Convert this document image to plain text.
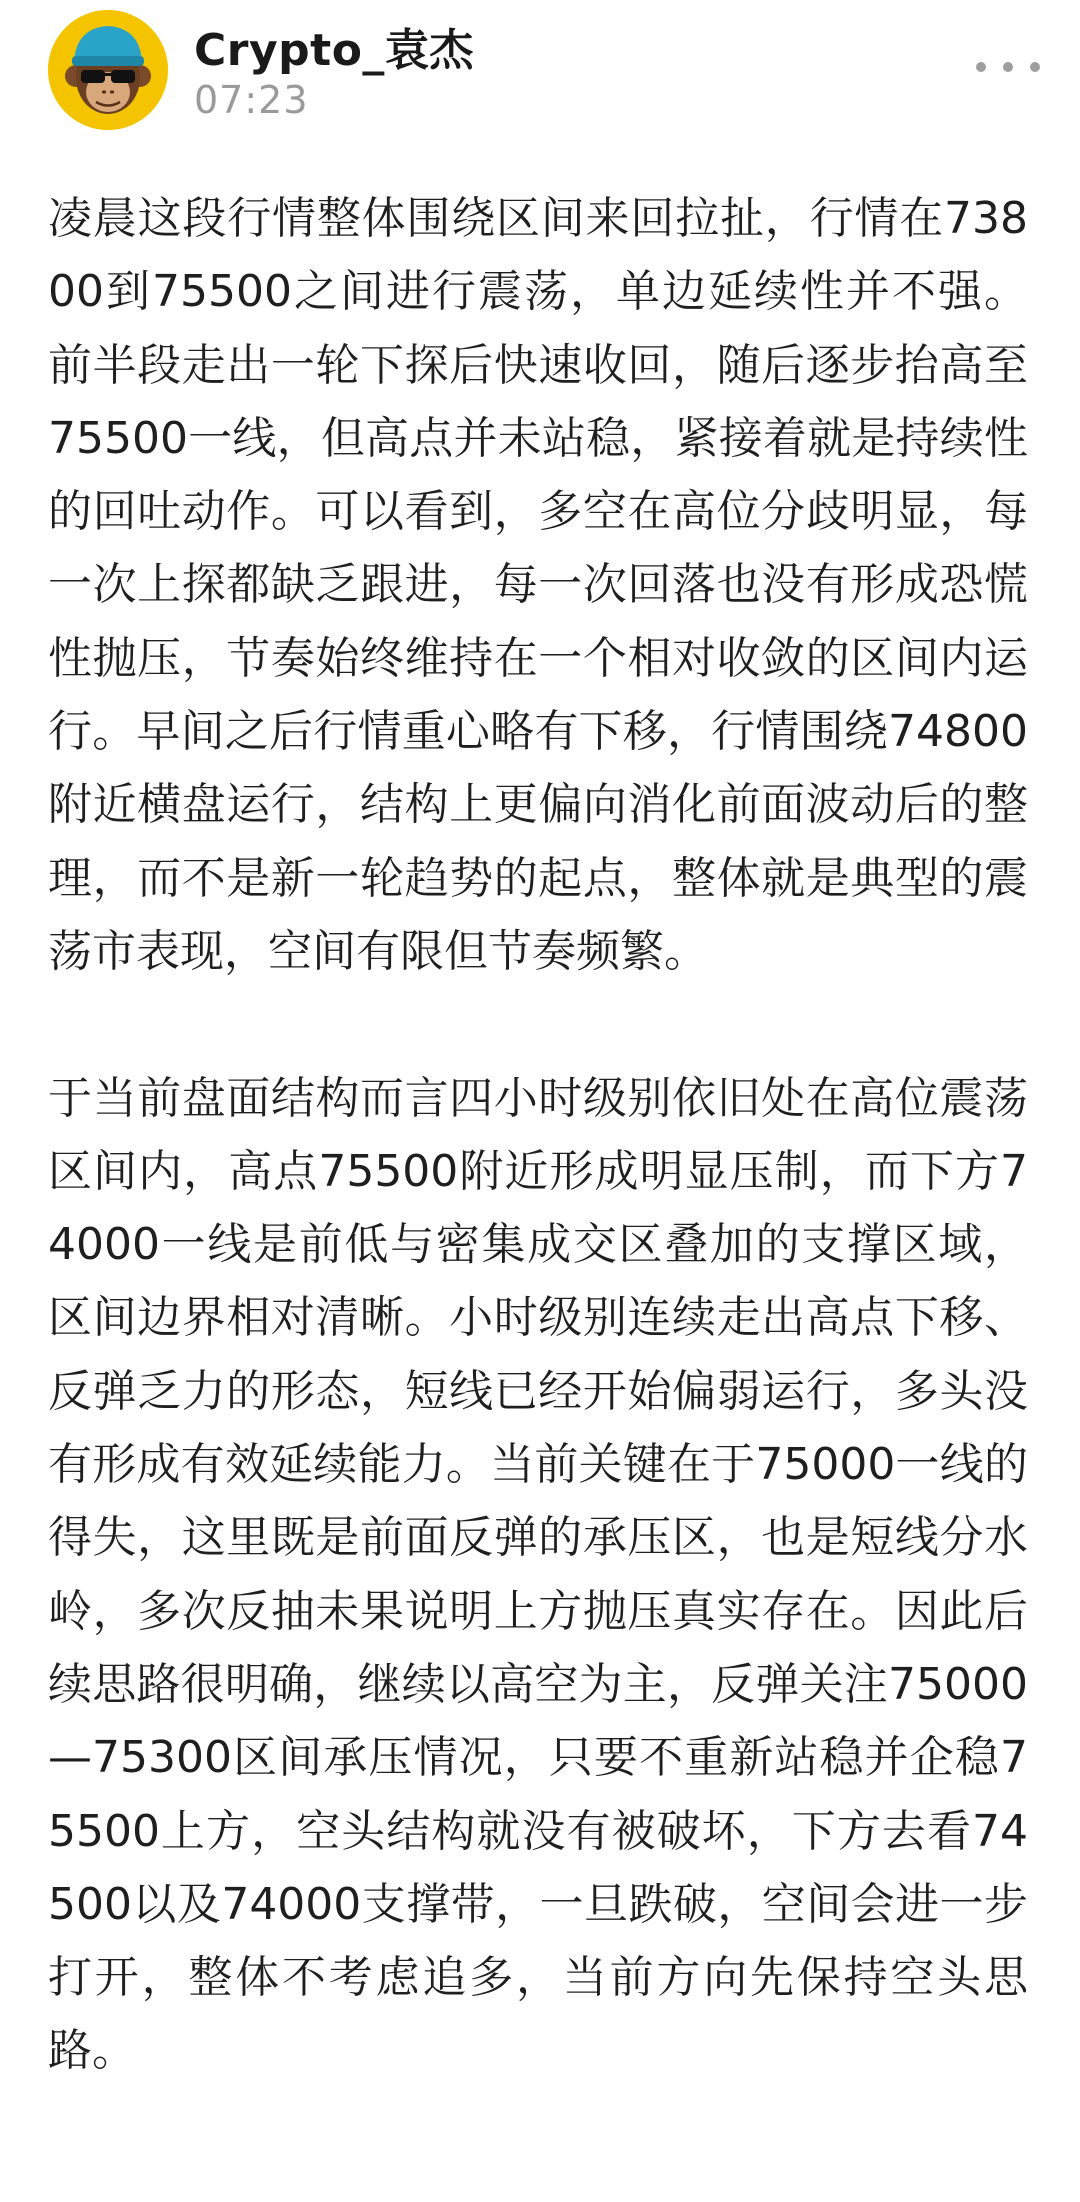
Crypto_袁杰
07:23

凌晨这段行情整体围绕区间来回拉扯，行情在73800到75500之间进行震荡，单边延续性并不强。前半段走出一轮下探后快速收回，随后逐步抬高至75500一线，但高点并未站稳，紧接着就是持续性的回吐动作。可以看到，多空在高位分歧明显，每一次上探都缺乏跟进，每一次回落也没有形成恐慌性抛压，节奏始终维持在一个相对收敛的区间内运行。早间之后行情重心略有下移，行情围绕74800附近横盘运行，结构上更偏向消化前面波动后的整理，而不是新一轮趋势的起点，整体就是典型的震荡市表现，空间有限但节奏频繁。

于当前盘面结构而言四小时级别依旧处在高位震荡区间内，高点75500附近形成明显压制，而下方74000一线是前低与密集成交区叠加的支撑区域，区间边界相对清晰。小时级别连续走出高点下移、反弹乏力的形态，短线已经开始偏弱运行，多头没有形成有效延续能力。当前关键在于75000一线的得失，这里既是前面反弹的承压区，也是短线分水岭，多次反抽未果说明上方抛压真实存在。因此后续思路很明确，继续以高空为主，反弹关注75000—75300区间承压情况，只要不重新站稳并企稳75500上方，空头结构就没有被破坏，下方去看74500以及74000支撑带，一旦跌破，空间会进一步打开，整体不考虑追多，当前方向先保持空头思路。
